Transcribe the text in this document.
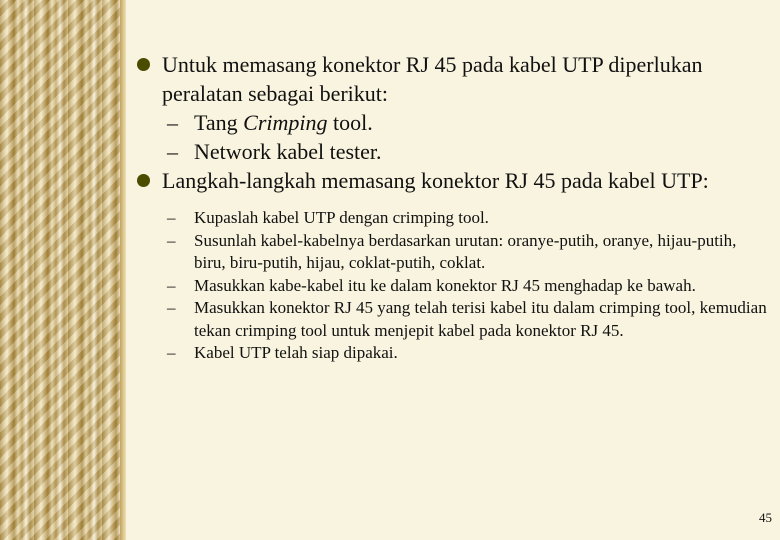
Untuk memasang konektor RJ 45 pada kabel UTP diperlukan peralatan sebagai berikut:

– Tang Crimping tool.

– Network kabel tester.

Langkah-langkah memasang konektor RJ 45 pada kabel UTP:

– Kupaslah kabel UTP dengan crimping tool.

– Susunlah kabel-kabelnya berdasarkan urutan: oranye-putih, oranye, hijau-putih, biru, biru-putih, hijau, coklat-putih, coklat.

– Masukkan kabe-kabel itu ke dalam konektor RJ 45 menghadap ke bawah.

– Masukkan konektor RJ 45 yang telah terisi kabel itu dalam crimping tool, kemudian tekan crimping tool untuk menjepit kabel pada konektor RJ 45.

– Kabel UTP telah siap dipakai.

45
